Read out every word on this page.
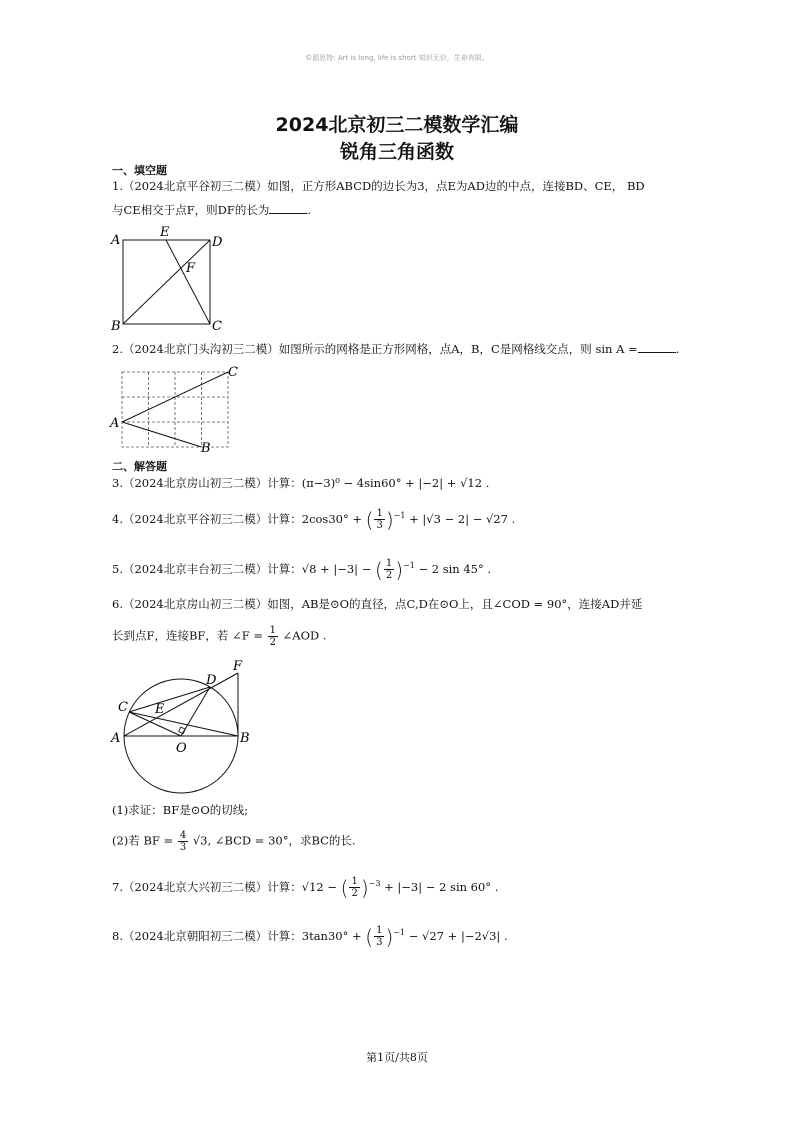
©源思特: Art is long, life is short 知识无价，生命有限。
2024北京初三二模数学汇编
锐角三角函数
一、填空题
1.（2024北京平谷初三二模）如图，正方形ABCD的边长为3，点E为AD边的中点，连接BD、CE， BD
与CE相交于点F，则DF的长为	.
A
E
D
F
B	C
2.（2024北京门头沟初三二模）如图所示的网格是正方形网格，点A，B，C是网格线交点，则 sin A =	.
A
C
B
二、解答题
3.（2024北京房山初三二模）计算：(π−3)⁰ − 4sin60° + |−2| + √12 .
4.（2024北京平谷初三二模）计算：2cos30° + ( $\frac{1}{3} )^{-1} + |√3 - 2| - √27$ .
5.（2024北京丰台初三二模）计算：√8 + |−3| − ( $\frac{1}{2} )^{-1} - 2$ sin 45° .
6.（2024北京房山初三二模）如图，AB是⊙O的直径，点C,D在⊙O上，且∠COD = 90°，连接AD并延
长到点F，连接BF，若 ∠F = $\frac{1}{2}$ ∠AOD .
F
D
C E
A	B
O
(1)求证：BF是⊙O的切线;
(2)若 BF = $\frac{4}{3} √3$, ∠BCD = 30°，求BC的长.
7.（2024北京大兴初三二模）计算：√12 − ( $\frac{1}{2} )^{-3} + |-3| - 2$ sin 60° .
8.（2024北京朝阳初三二模）计算：3tan30° + ( $\frac{1}{3} )^{-1} - √27 + |-2√3|$ .
第1页/共8页
